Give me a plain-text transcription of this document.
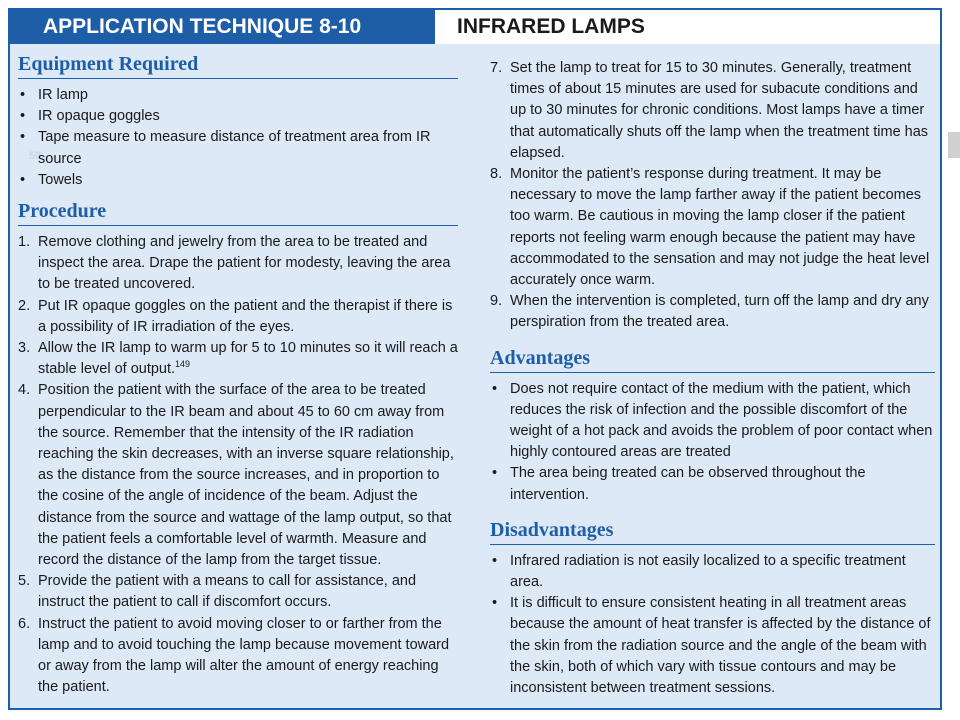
APPLICATION TECHNIQUE 8-10	INFRARED LAMPS
50
Equipment Required
• IR lamp
• IR opaque goggles
• Tape measure to measure distance of treatment area from IR source
• Towels
Procedure
1. Remove clothing and jewelry from the area to be treated and inspect the area. Drape the patient for modesty, leaving the area to be treated uncovered.
2. Put IR opaque goggles on the patient and the therapist if there is a possibility of IR irradiation of the eyes.
3. Allow the IR lamp to warm up for 5 to 10 minutes so it will reach a stable level of output.$^{149}$
4. Position the patient with the surface of the area to be treated perpendicular to the IR beam and about 45 to 60 cm away from the source. Remember that the intensity of the IR radiation reaching the skin decreases, with an inverse square relationship, as the distance from the source increases, and in proportion to the cosine of the angle of incidence of the beam. Adjust the distance from the source and wattage of the lamp output, so that the patient feels a comfortable level of warmth. Measure and record the distance of the lamp from the target tissue.
5. Provide the patient with a means to call for assistance, and instruct the patient to call if discomfort occurs.
6. Instruct the patient to avoid moving closer to or farther from the lamp and to avoid touching the lamp because movement toward or away from the lamp will alter the amount of energy reaching the patient.
7. Set the lamp to treat for 15 to 30 minutes. Generally, treatment times of about 15 minutes are used for subacute conditions and up to 30 minutes for chronic conditions. Most lamps have a timer that automatically shuts off the lamp when the treatment time has elapsed.
8. Monitor the patient’s response during treatment. It may be necessary to move the lamp farther away if the patient becomes too warm. Be cautious in moving the lamp closer if the patient reports not feeling warm enough because the patient may have accommodated to the sensation and may not judge the heat level accurately once warm.
9. When the intervention is completed, turn off the lamp and dry any perspiration from the treated area.
Advantages
• Does not require contact of the medium with the patient, which reduces the risk of infection and the possible discomfort of the weight of a hot pack and avoids the problem of poor contact when highly contoured areas are treated
• The area being treated can be observed throughout the intervention.
Disadvantages
• Infrared radiation is not easily localized to a specific treatment area.
• It is difficult to ensure consistent heating in all treatment areas because the amount of heat transfer is affected by the distance of the skin from the radiation source and the angle of the beam with the skin, both of which vary with tissue contours and may be inconsistent between treatment sessions.
